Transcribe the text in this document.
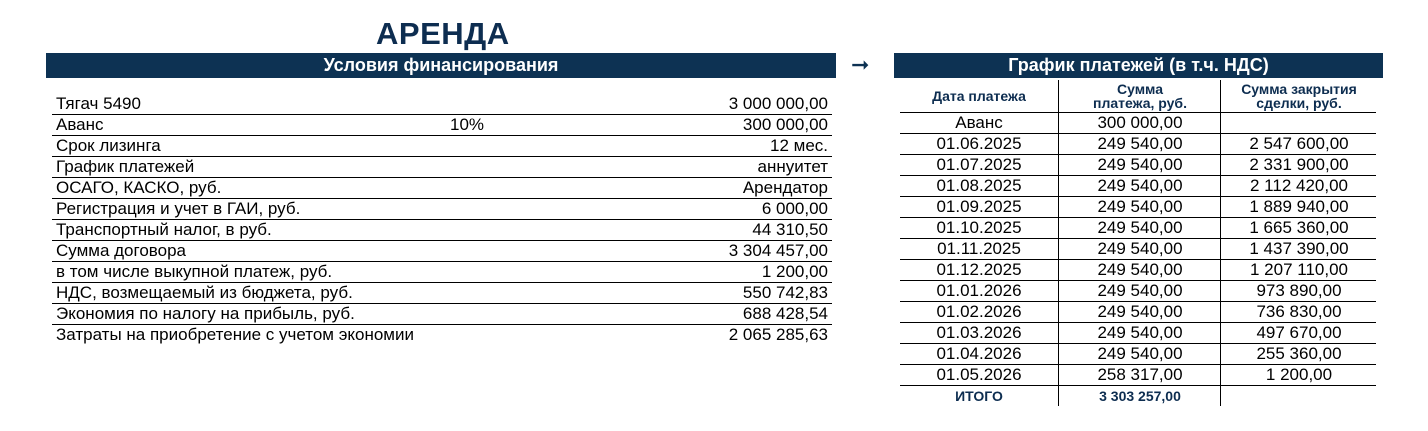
АРЕНДА
Условия финансирования
Тягач 5490	3 000 000,00
Аванс	10%	300 000,00
Срок лизинга	12 мес.
График платежей	аннуитет
ОСАГО, КАСКО, руб.	Арендатор
Регистрация и учет в ГАИ, руб.	6 000,00
Транспортный налог, в руб.	44 310,50
Сумма договора	3 304 457,00
в том числе выкупной платеж, руб.	1 200,00
НДС, возмещаемый из бюджета, руб.	550 742,83
Экономия по налогу на прибыль, руб.	688 428,54
Затраты на приобретение с учетом экономии	2 065 285,63
➞	График платежей (в т.ч. НДС)
Дата платежа	Сумма платежа, руб.
Сумма закрытия сделки, руб.
Аванс	300 000,00
01.06.2025	249 540,00	2 547 600,00
01.07.2025	249 540,00	2 331 900,00
01.08.2025	249 540,00	2 112 420,00
01.09.2025	249 540,00	1 889 940,00
01.10.2025	249 540,00	1 665 360,00
01.11.2025	249 540,00	1 437 390,00
01.12.2025	249 540,00	1 207 110,00
01.01.2026	249 540,00	973 890,00
01.02.2026	249 540,00	736 830,00
01.03.2026	249 540,00	497 670,00
01.04.2026	249 540,00	255 360,00
01.05.2026	258 317,00	1 200,00
ИТОГО	3 303 257,00
